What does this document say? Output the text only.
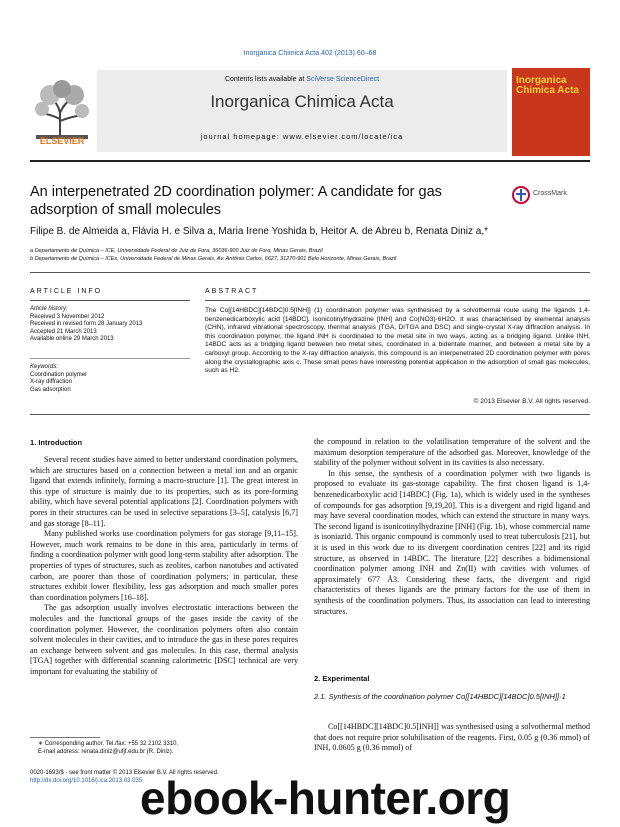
Inorganica Chimica Acta 402 (2013) 60–68
Contents lists available at SciVerse ScienceDirect
Inorganica Chimica Acta
journal homepage: www.elsevier.com/locate/ica
ELSEVIER
Inorganica Chimica Acta
An interpenetrated 2D coordination polymer: A candidate for gas adsorption of small molecules
CrossMark
Filipe B. de Almeida a, Flávia H. e Silva a, Maria Irene Yoshida b, Heitor A. de Abreu b, Renata Diniz a,*
a Departamento de Química – ICE, Universidade Federal de Juiz de Fora, 36036-900 Juiz de Fora, Minas Gerais, Brazil
b Departamento de Química – ICEx, Universidade Federal de Minas Gerais, Av. Antônio Carlos, 6627, 31270-901 Belo Horizonte, Minas Gerais, Brazil
ARTICLE INFO
Article history:
Received 3 November 2012
Received in revised form 28 January 2013
Accepted 21 March 2013
Available online 29 March 2013
Keywords:
Coordination polymer
X-ray diffraction
Gas adsorption
ABSTRACT
The Co[[14HBDC][14BDC]0.5[INH]] (1) coordination polymer was synthesised by a solvothermal route using the ligands 1,4-benzenedicarboxylic acid [14BDC], isonicotinylhydrazine [INH] and Co(NO3)·6H2O. It was characterised by elemental analysis (CHN), infrared vibrational spectroscopy, thermal analysis (TGA, DrTGA and DSC) and single-crystal X-ray diffraction analysis. In this coordination polymer, the ligand INH is coordinated to the metal site in two ways, acting as a bridging ligand. Unlike INH, 14BDC acts as a bridging ligand between two metal sites, coordinated in a bidentate manner, and between a metal site by a carboxyl group. According to the X-ray diffraction analysis, this compound is an interpenetrated 2D coordination polymer with pores along the crystallographic axis c. These small pores have interesting potential application in the adsorption of small gas molecules, such as H2.
© 2013 Elsevier B.V. All rights reserved.
1. Introduction

Several recent studies have aimed to better understand coordination polymers, which are structures based on a connection between a metal ion and an organic ligand that extends infinitely, forming a macro-structure [1]. The great interest in this type of structure is mainly due to its properties, such as its pore-forming ability, which have several potential applications [2]. Coordination polymers with pores in their structures can be used in selective separations [3–5], catalysis [6,7] and gas storage [8–11].

Many published works use coordination polymers for gas storage [9,11–15]. However, much work remains to be done in this area, particularly in terms of finding a coordination polymer with good long-term stability after adsorption. The properties of types of structures, such as zeolites, carbon nanotubes and activated carbon, are poorer than those of coordination polymers; in particular, these structures exhibit lower flexibility, less gas adsorption and much smaller pores than coordination polymers [16–18].

The gas adsorption usually involves electrostatic interactions between the molecules and the functional groups of the gases inside the cavity of the coordination polymer. However, the coordination polymers often also contain solvent molecules in their cavities, and to introduce the gas in these pores requires an exchange between solvent and gas molecules. In this case, thermal analysis [TGA] together with differential scanning calorimetric [DSC] technical are very important for evaluating the stability of

∗ Corresponding author. Tel./fax: +55 32 2102 3310.
E-mail address: renata.diniz@ufjf.edu.br (R. Diniz).
0020-1693/$ - see front matter © 2013 Elsevier B.V. All rights reserved.
http://dx.doi.org/10.1016/j.ica.2013.03.035

the compound in relation to the volatilisation temperature of the solvent and the maximum desorption temperature of the adsorbed gas. Moreover, knowledge of the stability of the polymer without solvent in its cavities is also necessary.

In this sense, the synthesis of a coordination polymer with two ligands is proposed to evaluate its gas-storage capability. The first chosen ligand is 1,4-benzenedicarboxylic acid [14BDC] (Fig. 1a), which is widely used in the syntheses of compounds for gas adsorption [9,19,20]. This is a divergent and rigid ligand and may have several coordination modes, which can extend the structure in many ways. The second ligand is isonicotinylhydrazine [INH] (Fig. 1b), whose commercial name is isoniazid. This organic compound is commonly used to treat tuberculosis [21], but it is used in this work due to its divergent coordination centres [22] and its rigid structure, as observed in 14BDC. The literature [22] describes a bidimensional coordination polymer among INH and Zn(II) with cavities with volumes of approximately 677 Å3. Considering these facts, the divergent and rigid characteristics of theses ligands are the primary factors for the use of them in synthesis of the coordination polymers. Thus, its association can lead to interesting structures.

2. Experimental
2.1. Synthesis of the coordination polymer Co[[14HBDC][14BDC]0.5[INH]]·1

Co[[14HBDC][14BDC]0.5[INH]] was synthesised using a solvothermal method that does not require prior solubilisation of the reagents. First, 0.05 g (0.36 mmol) of INH, 0.0605 g (0.36 mmol) of

ebook-hunter.org
